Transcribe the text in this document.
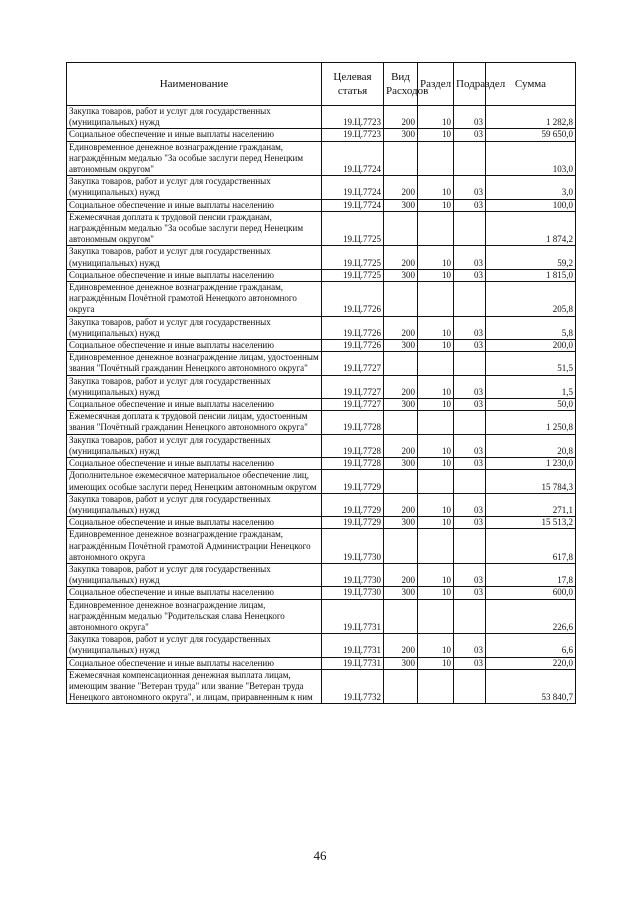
Наименование	Целевая статья	Вид Расходов	Раздел	Подраздел	Сумма
Закупка товаров, работ и услуг для государственных (муниципальных) нужд	19.Ц.7723	200	10	03	1 282,8
Социальное обеспечение и иные выплаты населению	19.Ц.7723	300	10	03	59 650,0
Единовременное денежное вознаграждение гражданам, награждённым медалью "За особые заслуги перед Ненецким автономным округом"	19.Ц.7724				103,0
Закупка товаров, работ и услуг для государственных (муниципальных) нужд	19.Ц.7724	200	10	03	3,0
Социальное обеспечение и иные выплаты населению	19.Ц.7724	300	10	03	100,0
Ежемесячная доплата к трудовой пенсии гражданам, награждённым медалью "За особые заслуги перед Ненецким автономным округом"	19.Ц.7725				1 874,2
Закупка товаров, работ и услуг для государственных (муниципальных) нужд	19.Ц.7725	200	10	03	59,2
Социальное обеспечение и иные выплаты населению	19.Ц.7725	300	10	03	1 815,0
Единовременное денежное вознаграждение гражданам, награждённым Почётной грамотой Ненецкого автономного округа	19.Ц.7726				205,8
Закупка товаров, работ и услуг для государственных (муниципальных) нужд	19.Ц.7726	200	10	03	5,8
Социальное обеспечение и иные выплаты населению	19.Ц.7726	300	10	03	200,0
Единовременное денежное вознаграждение лицам, удостоенным звания "Почётный гражданин Ненецкого автономного округа"	19.Ц.7727				51,5
Закупка товаров, работ и услуг для государственных (муниципальных) нужд	19.Ц.7727	200	10	03	1,5
Социальное обеспечение и иные выплаты населению	19.Ц.7727	300	10	03	50,0
Ежемесячная доплата к трудовой пенсии лицам, удостоенным звания "Почётный гражданин Ненецкого автономного округа"	19.Ц.7728				1 250,8
Закупка товаров, работ и услуг для государственных (муниципальных) нужд	19.Ц.7728	200	10	03	20,8
Социальное обеспечение и иные выплаты населению	19.Ц.7728	300	10	03	1 230,0
Дополнительное ежемесячное материальное обеспечение лиц, имеющих особые заслуги перед Ненецким автономным округом	19.Ц.7729				15 784,3
Закупка товаров, работ и услуг для государственных (муниципальных) нужд	19.Ц.7729	200	10	03	271,1
Социальное обеспечение и иные выплаты населению	19.Ц.7729	300	10	03	15 513,2
Единовременное денежное вознаграждение гражданам, награждённым Почётной грамотой Администрации Ненецкого автономного округа	19.Ц.7730				617,8
Закупка товаров, работ и услуг для государственных (муниципальных) нужд	19.Ц.7730	200	10	03	17,8
Социальное обеспечение и иные выплаты населению	19.Ц.7730	300	10	03	600,0
Единовременное денежное вознаграждение лицам, награждённым медалью "Родительская слава Ненецкого автономного округа"	19.Ц.7731				226,6
Закупка товаров, работ и услуг для государственных (муниципальных) нужд	19.Ц.7731	200	10	03	6,6
Социальное обеспечение и иные выплаты населению	19.Ц.7731	300	10	03	220,0
Ежемесячная компенсационная денежная выплата лицам, имеющим звание "Ветеран труда" или звание "Ветеран труда Ненецкого автономного округа", и лицам, приравненным к ним	19.Ц.7732				53 840,7
46
